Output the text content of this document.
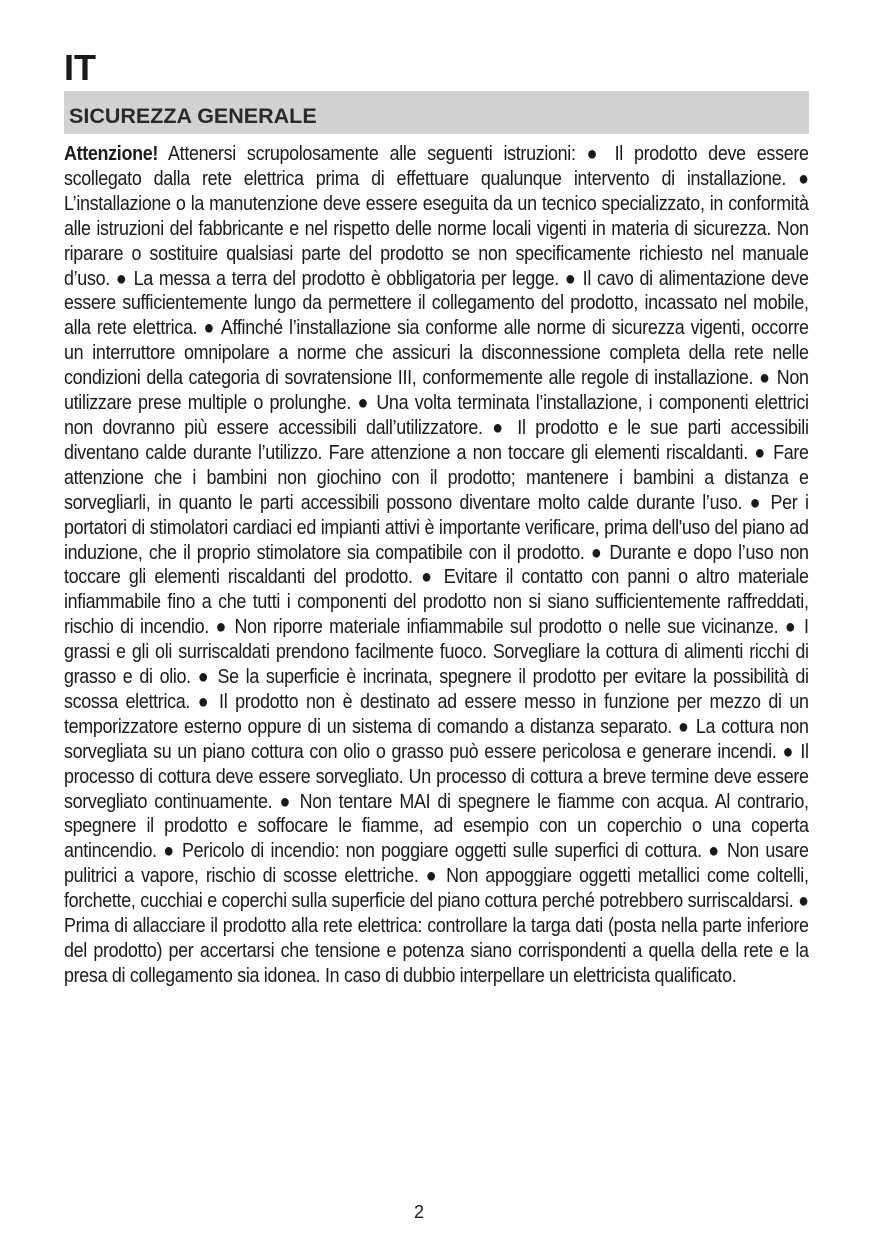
IT
SICUREZZA GENERALE

Attenzione! Attenersi scrupolosamente alle seguenti istruzioni: ● Il prodotto deve essere scollegato dalla rete elettrica prima di effettuare qualunque intervento di installazione. ● L’installazione o la manutenzione deve essere eseguita da un tecnico specializzato, in conformità alle istruzioni del fabbricante e nel rispetto delle norme locali vigenti in materia di sicurezza. Non riparare o sostituire qualsiasi parte del prodotto se non specificamente richiesto nel manuale d’uso. ● La messa a terra del prodotto è obbligatoria per legge. ● Il cavo di alimentazione deve essere sufficientemente lungo da permettere il collegamento del prodotto, incassato nel mobile, alla rete elettrica. ● Affinché l’installazione sia conforme alle norme di sicurezza vigenti, occorre un interruttore omnipolare a norme che assicuri la disconnessione completa della rete nelle condizioni della categoria di sovratensione III, conformemente alle regole di installazione. ● Non utilizzare prese multiple o prolunghe. ● Una volta terminata l’installazione, i componenti elettrici non dovranno più essere accessibili dall’utilizzatore. ● Il prodotto e le sue parti accessibili diventano calde durante l’utilizzo. Fare attenzione a non toccare gli elementi riscaldanti. ● Fare attenzione che i bambini non giochino con il prodotto; mantenere i bambini a distanza e sorvegliarli, in quanto le parti accessibili possono diventare molto calde durante l’uso. ● Per i portatori di stimolatori cardiaci ed impianti attivi è importante verificare, prima dell'uso del piano ad induzione, che il proprio stimolatore sia compatibile con il prodotto. ● Durante e dopo l’uso non toccare gli elementi riscaldanti del prodotto. ● Evitare il contatto con panni o altro materiale infiammabile fino a che tutti i componenti del prodotto non si siano sufficientemente raffreddati, rischio di incendio. ● Non riporre materiale infiammabile sul prodotto o nelle sue vicinanze. ● I grassi e gli oli surriscaldati prendono facilmente fuoco. Sorvegliare la cottura di alimenti ricchi di grasso e di olio. ● Se la superficie è incrinata, spegnere il prodotto per evitare la possibilità di scossa elettrica. ● Il prodotto non è destinato ad essere messo in funzione per mezzo di un temporizzatore esterno oppure di un sistema di comando a distanza separato. ● La cottura non sorvegliata su un piano cottura con olio o grasso può essere pericolosa e generare incendi. ● Il processo di cottura deve essere sorvegliato. Un processo di cottura a breve termine deve essere sorvegliato continuamente. ● Non tentare MAI di spegnere le fiamme con acqua. Al contrario, spegnere il prodotto e soffocare le fiamme, ad esempio con un coperchio o una coperta antincendio. ● Pericolo di incendio: non poggiare oggetti sulle superfici di cottura. ● Non usare pulitrici a vapore, rischio di scosse elettriche. ● Non appoggiare oggetti metallici come coltelli, forchette, cucchiai e coperchi sulla superficie del piano cottura perché potrebbero surriscaldarsi. ● Prima di allacciare il prodotto alla rete elettrica: controllare la targa dati (posta nella parte inferiore del prodotto) per accertarsi che tensione e potenza siano corrispondenti a quella della rete e la presa di collegamento sia idonea. In caso di dubbio interpellare un elettricista qualificato.

2
